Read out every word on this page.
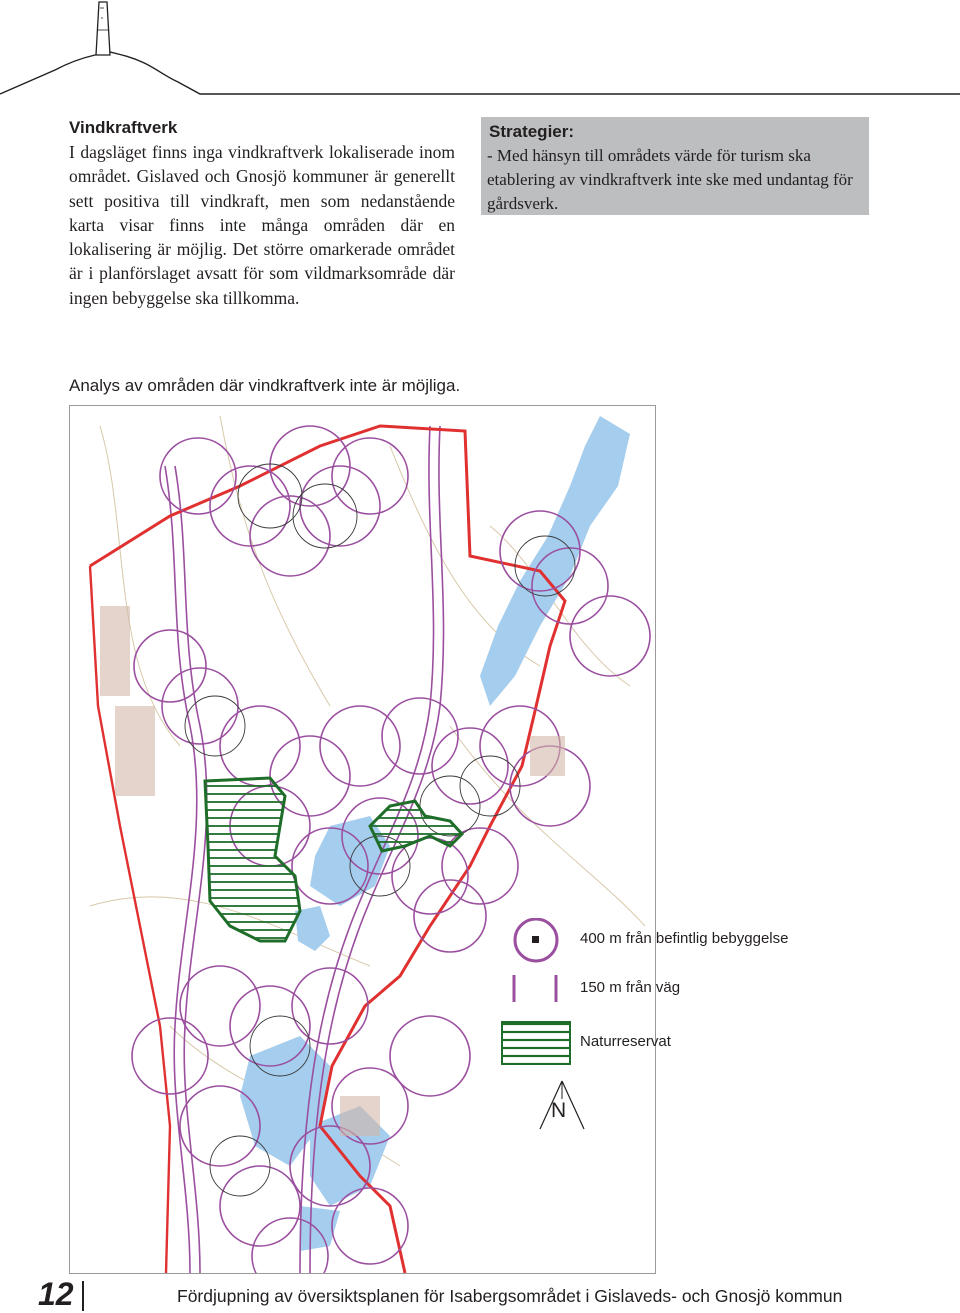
Vindkraftverk

I dagsläget finns inga vindkraftverk lokaliserade inom området. Gislaved och Gnosjö kommuner är generellt sett positiva till vindkraft, men som nedanstående karta visar finns inte många områden där en lokalisering är möjlig. Det större omarkerade området är i planförslaget avsatt för som vildmarksområde där ingen bebyggelse ska tillkomma.

Strategier:

- Med hänsyn till områdets värde för turism ska etablering av vindkraftverk inte ske med undantag för gårdsverk.

Analys av områden där vindkraftverk inte är möjliga.

400 m från befintlig bebyggelse
150 m från väg
Naturreservat
N
12	Fördjupning av översiktsplanen för Isabergsområdet i Gislaveds- och Gnosjö kommun
